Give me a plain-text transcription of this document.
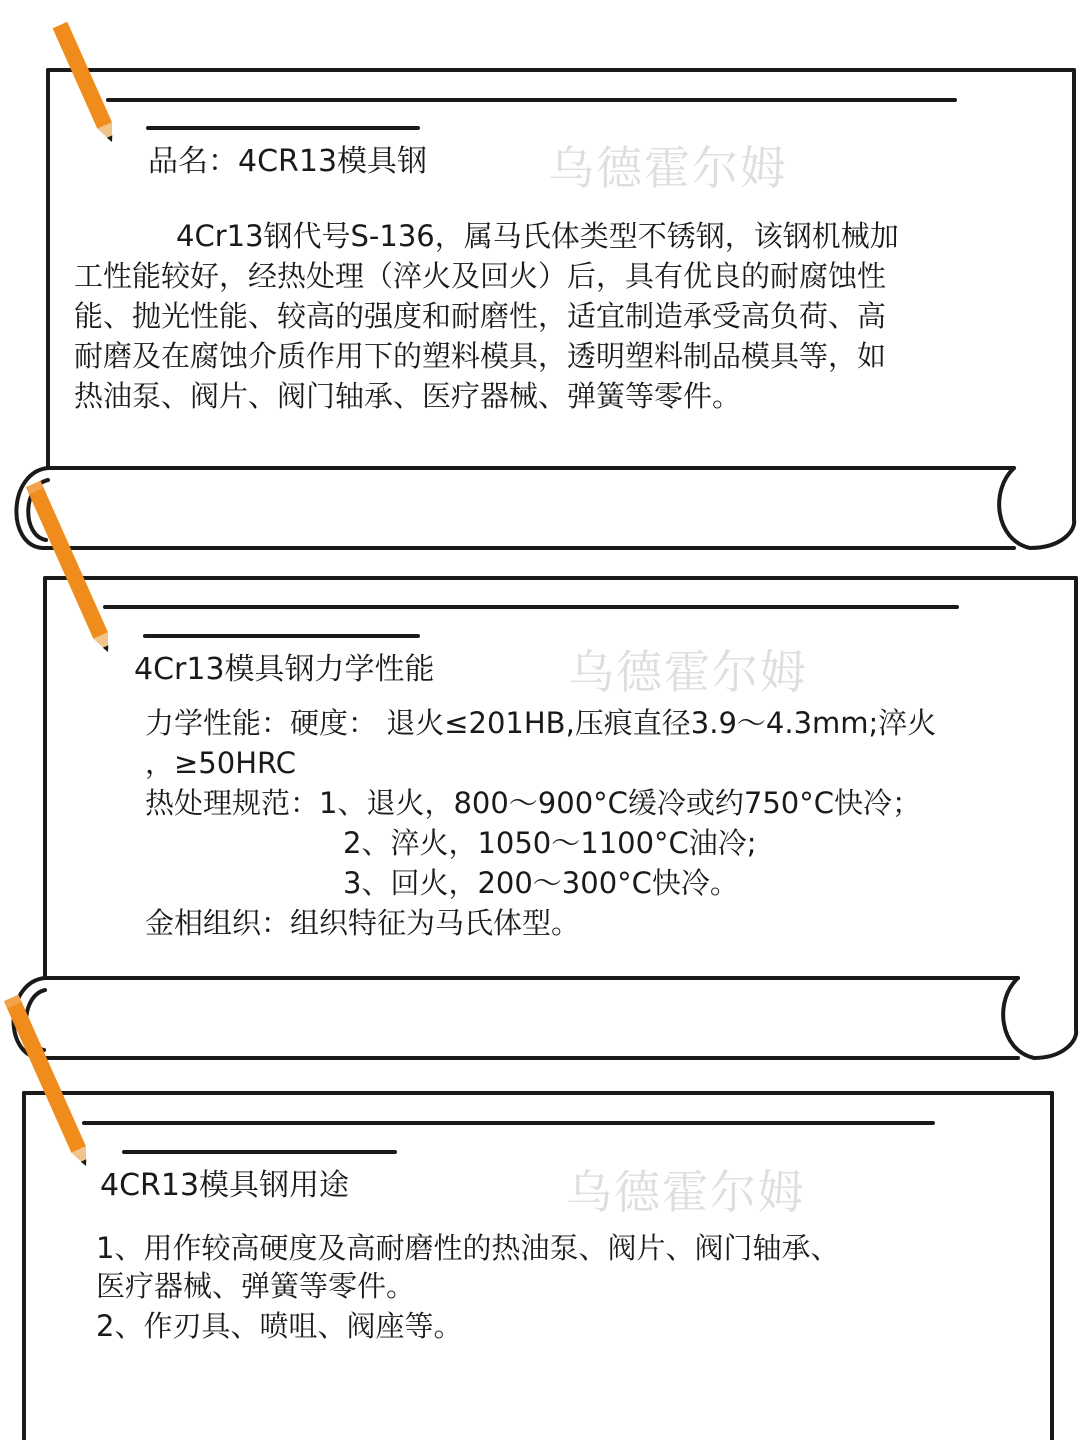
品名：4CR13模具钢	乌德霍尔姆
4Cr13钢代号S-136，属马氏体类型不锈钢，该钢机械加
工性能较好，经热处理（淬火及回火）后，具有优良的耐腐蚀性
能、抛光性能、较高的强度和耐磨性，适宜制造承受高负荷、高
耐磨及在腐蚀介质作用下的塑料模具，透明塑料制品模具等，如
热油泵、阀片、阀门轴承、医疗器械、弹簧等零件。
4Cr13模具钢力学性能	乌德霍尔姆
力学性能：硬度： 退火≤201HB,压痕直径3.9～4.3mm;淬火
，≥50HRC
热处理规范：1、退火，800～900°C缓冷或约750°C快冷；
2、淬火，1050～1100°C油冷;
3、回火，200～300°C快冷。
金相组织：组织特征为马氏体型。
4CR13模具钢用途	乌德霍尔姆
1、用作较高硬度及高耐磨性的热油泵、阀片、阀门轴承、
医疗器械、弹簧等零件。
2、作刃具、喷咀、阀座等。
